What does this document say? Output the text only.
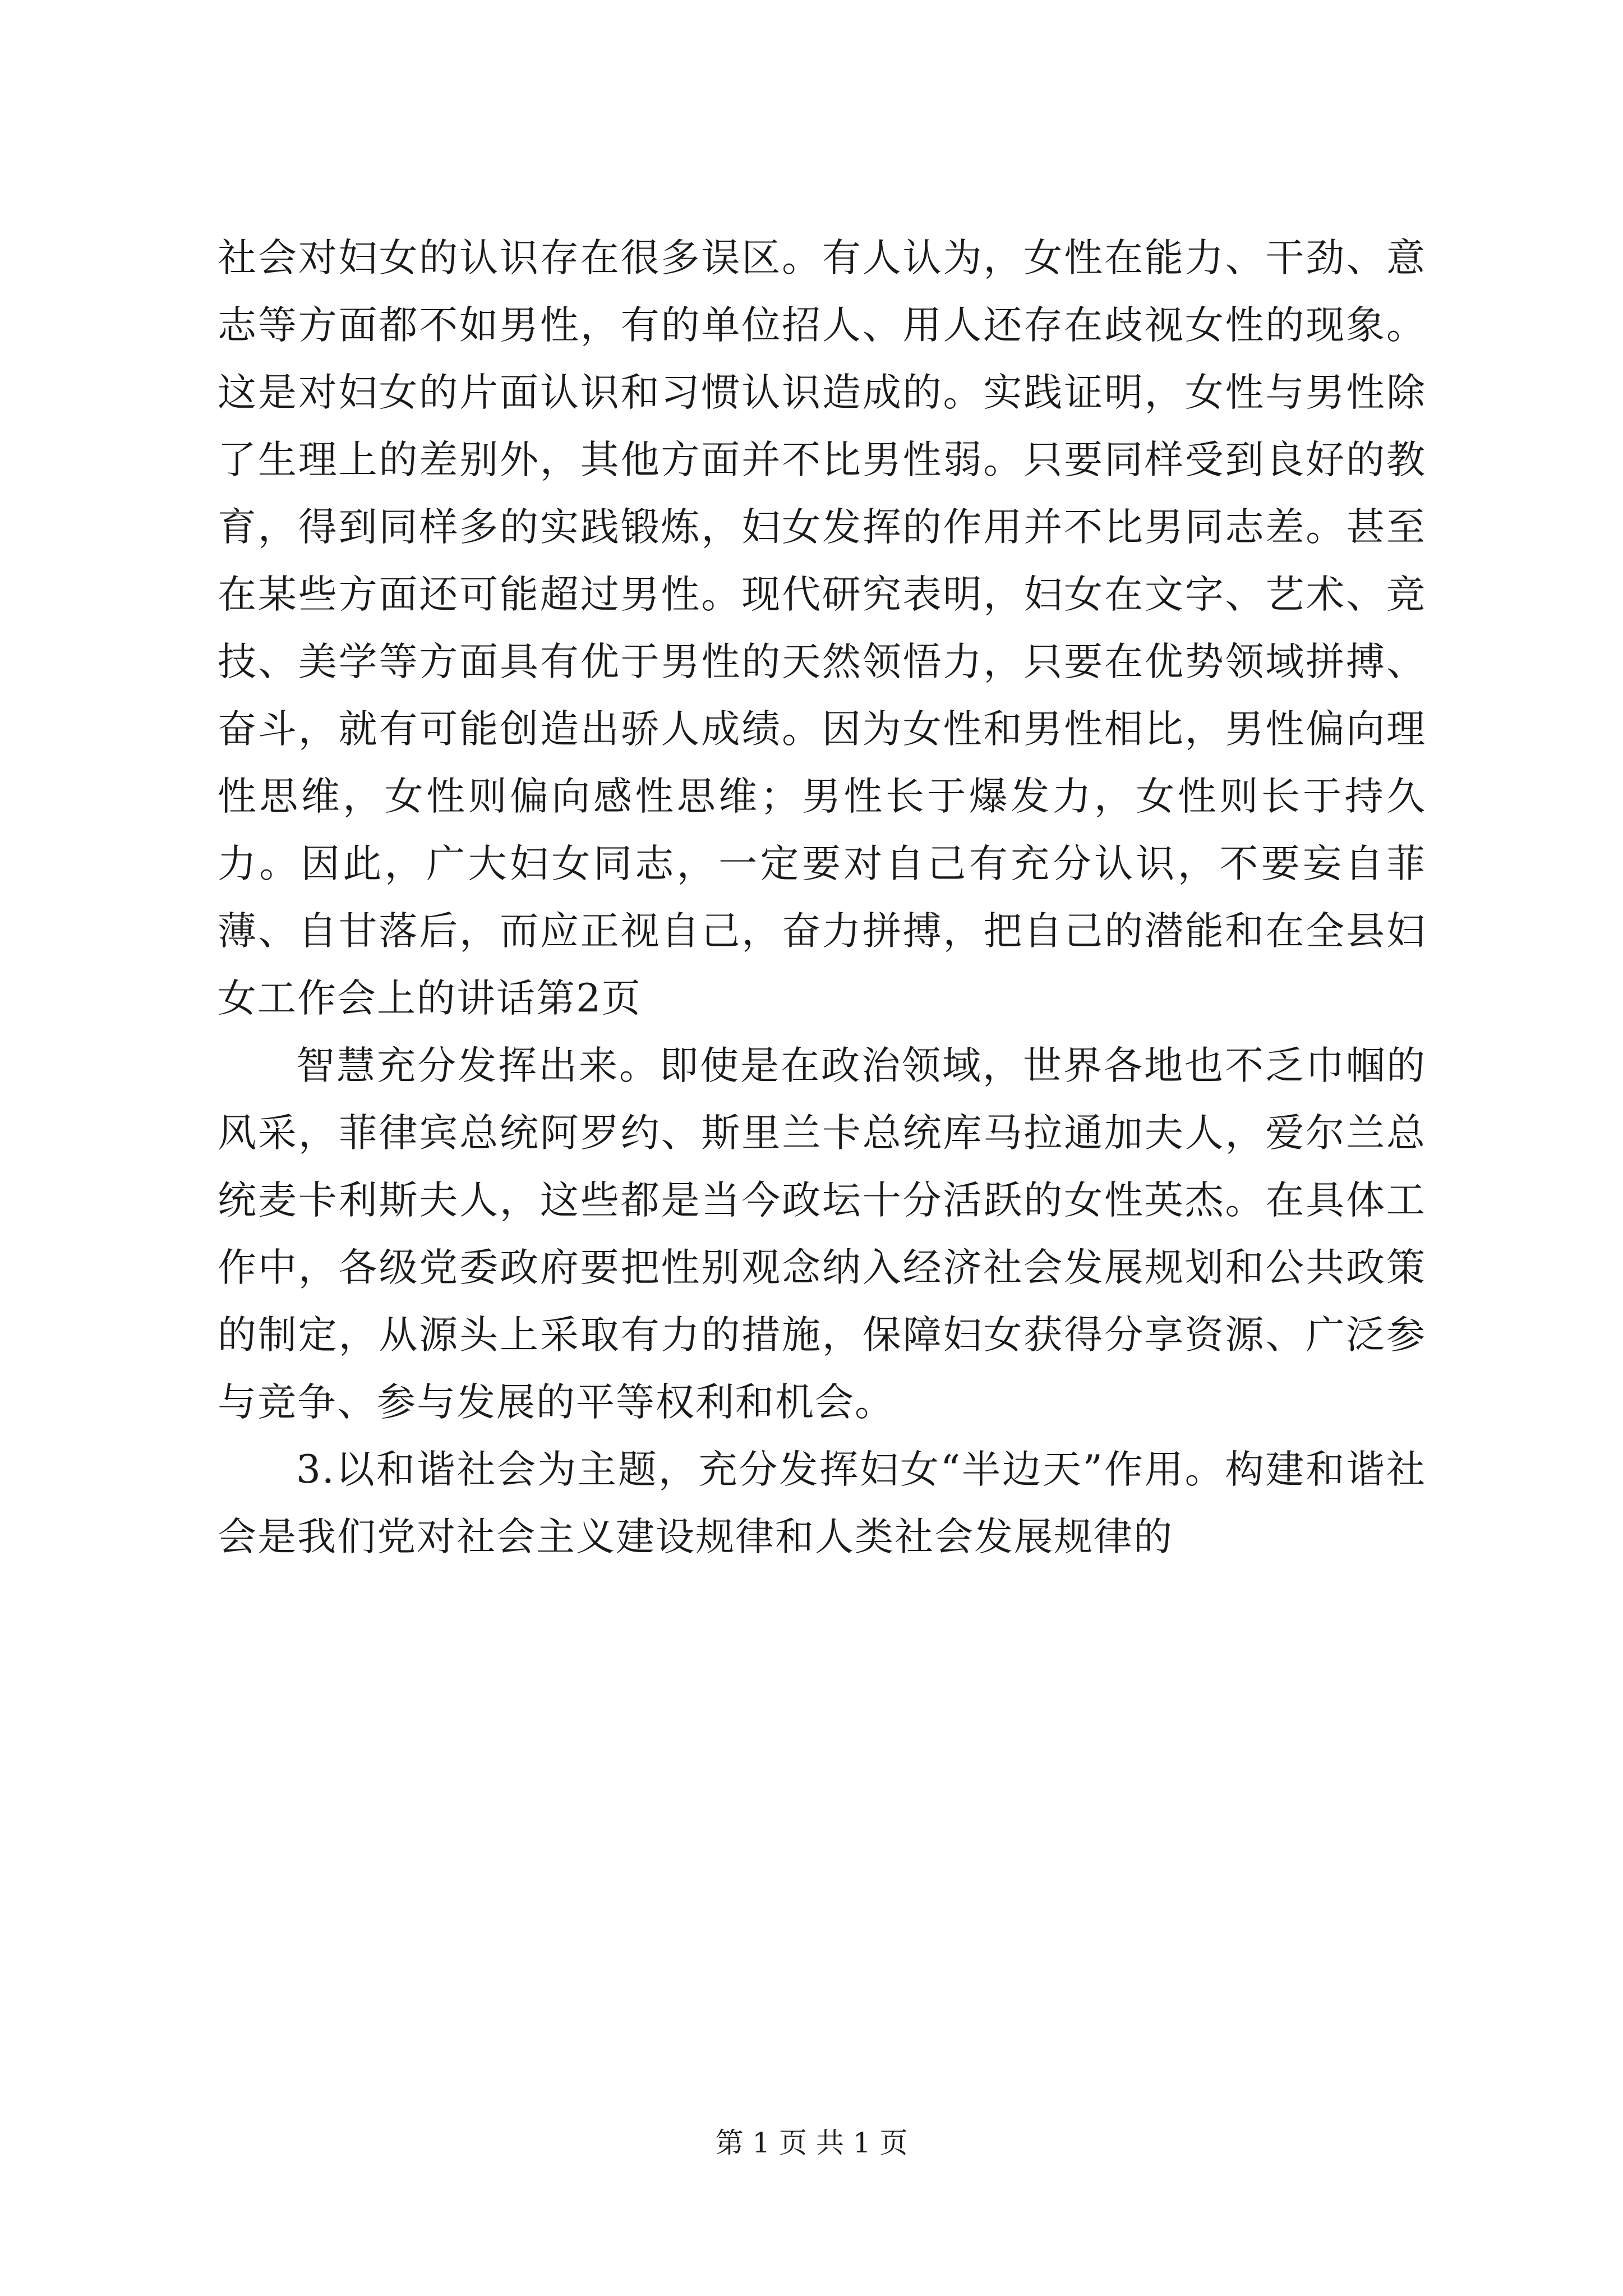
社会对妇女的认识存在很多误区。有人认为，女性在能力、干劲、意志等方面都不如男性，有的单位招人、用人还存在歧视女性的现象。这是对妇女的片面认识和习惯认识造成的。实践证明，女性与男性除了生理上的差别外，其他方面并不比男性弱。只要同样受到良好的教育，得到同样多的实践锻炼，妇女发挥的作用并不比男同志差。甚至在某些方面还可能超过男性。现代研究表明，妇女在文字、艺术、竞技、美学等方面具有优于男性的天然领悟力，只要在优势领域拼搏、奋斗，就有可能创造出骄人成绩。因为女性和男性相比，男性偏向理性思维，女性则偏向感性思维；男性长于爆发力，女性则长于持久力。因此，广大妇女同志，一定要对自己有充分认识，不要妄自菲薄、自甘落后，而应正视自己，奋力拼搏，把自己的潜能和在全县妇女工作会上的讲话第2页

智慧充分发挥出来。即使是在政治领域，世界各地也不乏巾帼的风采，菲律宾总统阿罗约、斯里兰卡总统库马拉通加夫人，爱尔兰总统麦卡利斯夫人，这些都是当今政坛十分活跃的女性英杰。在具体工作中，各级党委政府要把性别观念纳入经济社会发展规划和公共政策的制定，从源头上采取有力的措施，保障妇女获得分享资源、广泛参与竞争、参与发展的平等权利和机会。

3.以和谐社会为主题，充分发挥妇女“半边天”作用。构建和谐社会是我们党对社会主义建设规律和人类社会发展规律的

第 1 页 共 1 页
